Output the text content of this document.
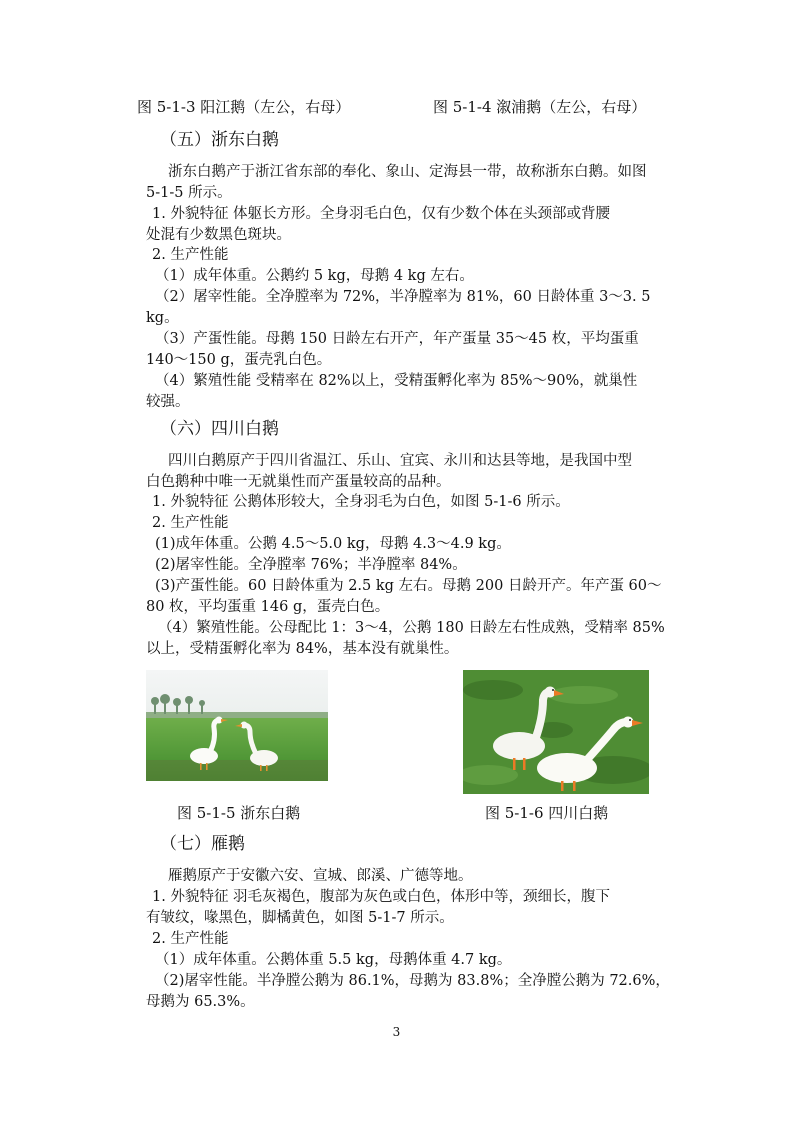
图 5-1-3 阳江鹅（左公，右母）	图 5-1-4 溆浦鹅（左公，右母）
（五）浙东白鹅
浙东白鹅产于浙江省东部的奉化、象山、定海县一带，故称浙东白鹅。如图
5-1-5 所示。
1. 外貌特征 体躯长方形。全身羽毛白色，仅有少数个体在头颈部或背腰
处混有少数黑色斑块。
2. 生产性能
（1）成年体重。公鹅约 5 kg，母鹅 4 kg 左右。
（2）屠宰性能。全净膛率为 72%，半净膛率为 81%，60 日龄体重 3～3. 5
kg。
（3）产蛋性能。母鹅 150 日龄左右开产，年产蛋量 35～45 枚，平均蛋重
140～150 g，蛋壳乳白色。
（4）繁殖性能 受精率在 82%以上，受精蛋孵化率为 85%～90%，就巢性
较强。
（六）四川白鹅
四川白鹅原产于四川省温江、乐山、宜宾、永川和达县等地，是我国中型
白色鹅种中唯一无就巢性而产蛋量较高的品种。
1. 外貌特征 公鹅体形较大，全身羽毛为白色，如图 5-1-6 所示。
2. 生产性能
(1)成年体重。公鹅 4.5～5.0 kg，母鹅 4.3～4.9 kg。
(2)屠宰性能。全净膛率 76%；半净膛率 84%。
(3)产蛋性能。60 日龄体重为 2.5 kg 左右。母鹅 200 日龄开产。年产蛋 60～
80 枚，平均蛋重 146 g，蛋壳白色。
（4）繁殖性能。公母配比 1：3～4，公鹅 180 日龄左右性成熟，受精率 85%
以上，受精蛋孵化率为 84%，基本没有就巢性。
图 5-1-5 浙东白鹅	图 5-1-6 四川白鹅
（七）雁鹅
雁鹅原产于安徽六安、宣城、郎溪、广德等地。
1. 外貌特征 羽毛灰褐色，腹部为灰色或白色，体形中等，颈细长，腹下
有皱纹，喙黑色，脚橘黄色，如图 5-1-7 所示。
2. 生产性能
（1）成年体重。公鹅体重 5.5 kg，母鹅体重 4.7 kg。
（2)屠宰性能。半净膛公鹅为 86.1%，母鹅为 83.8%；全净膛公鹅为 72.6%，
母鹅为 65.3%。
3
